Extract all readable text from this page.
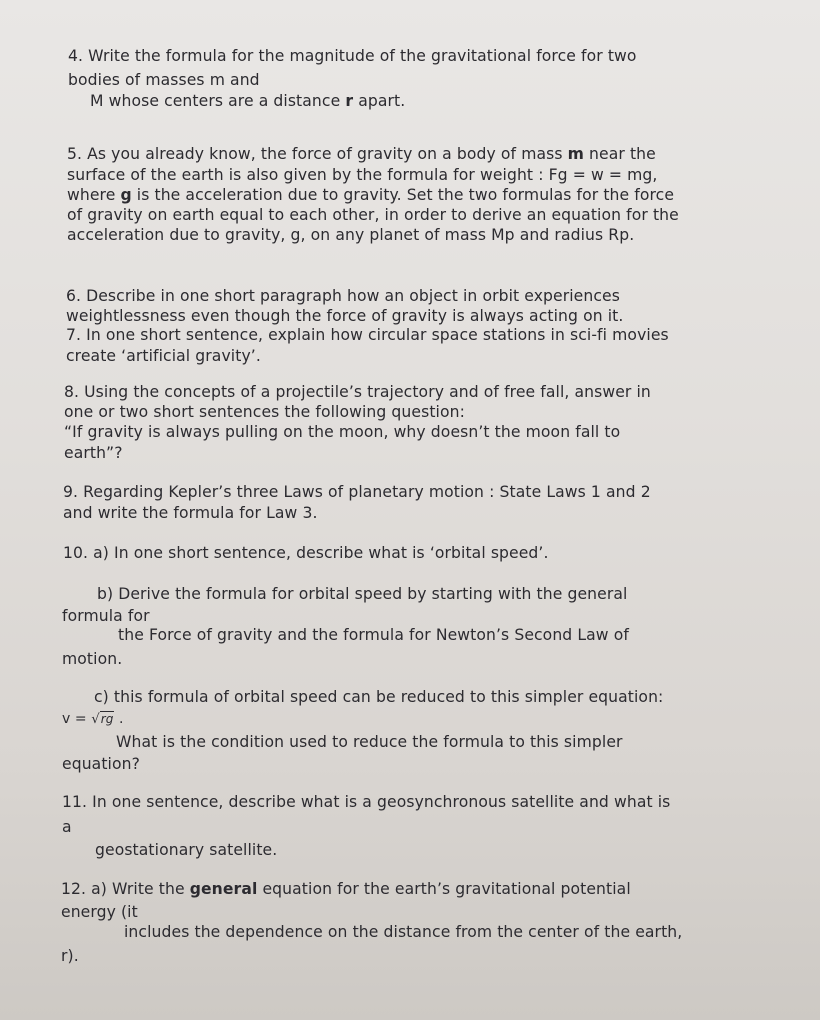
4. Write the formula for the magnitude of the gravitational force for two
bodies of masses m and
M whose centers are a distance r apart.
5. As you already know, the force of gravity on a body of mass m near the
surface of the earth is also given by the formula for weight : Fg = w = mg,
where g is the acceleration due to gravity. Set the two formulas for the force
of gravity on earth equal to each other, in order to derive an equation for the
acceleration due to gravity, g, on any planet of mass Mp and radius Rp.
6. Describe in one short paragraph how an object in orbit experiences
weightlessness even though the force of gravity is always acting on it.
7. In one short sentence, explain how circular space stations in sci-fi movies
create ‘artificial gravity’.
8. Using the concepts of a projectile’s trajectory and of free fall, answer in
one or two short sentences the following question:
“If gravity is always pulling on the moon, why doesn’t the moon fall to
earth”?
9. Regarding Kepler’s three Laws of planetary motion : State Laws 1 and 2
and write the formula for Law 3.
10. a) In one short sentence, describe what is ‘orbital speed’.
b) Derive the formula for orbital speed by starting with the general
formula for
the Force of gravity and the formula for Newton’s Second Law of
motion.
c) this formula of orbital speed can be reduced to this simpler equation:
v = √rg .
What is the condition used to reduce the formula to this simpler
equation?
11. In one sentence, describe what is a geosynchronous satellite and what is
a
geostationary satellite.
12. a) Write the general equation for the earth’s gravitational potential
energy (it
includes the dependence on the distance from the center of the earth,
r).
